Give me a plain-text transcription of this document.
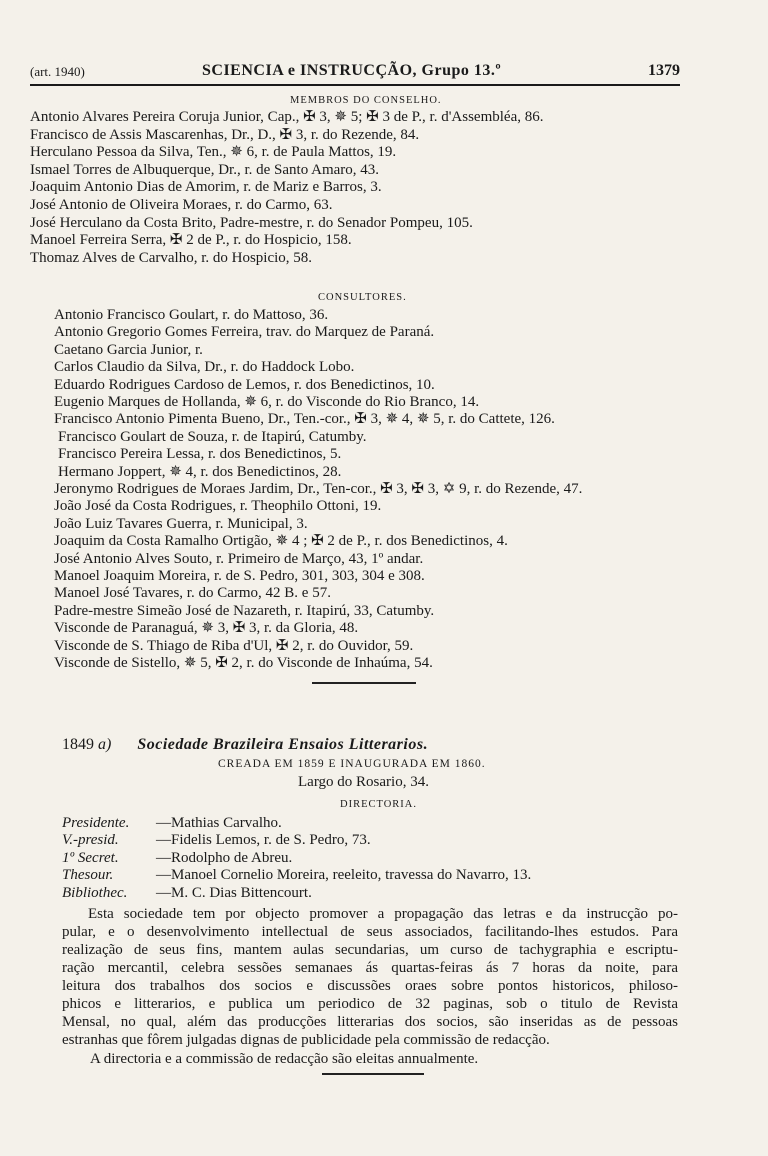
(art. 1940)	SCIENCIA e INSTRUCÇÃO, Grupo 13.º	1379
MEMBROS DO CONSELHO.
Antonio Alvares Pereira Coruja Junior, Cap., ✠ 3, ✵ 5; ✠ 3 de P., r. d'Assembléa, 86.
Francisco de Assis Mascarenhas, Dr., D., ✠ 3, r. do Rezende, 84.
Herculano Pessoa da Silva, Ten., ✵ 6, r. de Paula Mattos, 19.
Ismael Torres de Albuquerque, Dr., r. de Santo Amaro, 43.
Joaquim Antonio Dias de Amorim, r. de Mariz e Barros, 3.
José Antonio de Oliveira Moraes, r. do Carmo, 63.
José Herculano da Costa Brito, Padre-mestre, r. do Senador Pompeu, 105.
Manoel Ferreira Serra, ✠ 2 de P., r. do Hospicio, 158.
Thomaz Alves de Carvalho, r. do Hospicio, 58.
CONSULTORES.
Antonio Francisco Goulart, r. do Mattoso, 36.
Antonio Gregorio Gomes Ferreira, trav. do Marquez de Paraná.
Caetano Garcia Junior, r.
Carlos Claudio da Silva, Dr., r. do Haddock Lobo.
Eduardo Rodrigues Cardoso de Lemos, r. dos Benedictinos, 10.
Eugenio Marques de Hollanda, ✵ 6, r. do Visconde do Rio Branco, 14.
Francisco Antonio Pimenta Bueno, Dr., Ten.-cor., ✠ 3, ✵ 4, ✵ 5, r. do Cattete, 126.
Francisco Goulart de Souza, r. de Itapirú, Catumby.
Francisco Pereira Lessa, r. dos Benedictinos, 5.
Hermano Joppert, ✵ 4, r. dos Benedictinos, 28.
Jeronymo Rodrigues de Moraes Jardim, Dr., Ten-cor., ✠ 3, ✠ 3, ✡ 9, r. do Rezende, 47.
João José da Costa Rodrigues, r. Theophilo Ottoni, 19.
João Luiz Tavares Guerra, r. Municipal, 3.
Joaquim da Costa Ramalho Ortigão, ✵ 4 ; ✠ 2 de P., r. dos Benedictinos, 4.
José Antonio Alves Souto, r. Primeiro de Março, 43, 1º andar.
Manoel Joaquim Moreira, r. de S. Pedro, 301, 303, 304 e 308.
Manoel José Tavares, r. do Carmo, 42 B. e 57.
Padre-mestre Simeão José de Nazareth, r. Itapirú, 33, Catumby.
Visconde de Paranaguá, ✵ 3, ✠ 3, r. da Gloria, 48.
Visconde de S. Thiago de Riba d'Ul, ✠ 2, r. do Ouvidor, 59.
Visconde de Sistello, ✵ 5, ✠ 2, r. do Visconde de Inhaúma, 54.
1849 a) Sociedade Brazileira Ensaios Litterarios.
CREADA EM 1859 E INAUGURADA EM 1860.
Largo do Rosario, 34.
DIRECTORIA.
Presidente. —Mathias Carvalho.
V.-presid. —Fidelis Lemos, r. de S. Pedro, 73.
1º Secret. —Rodolpho de Abreu.
Thesour.	—Manoel Cornelio Moreira, reeleito, travessa do Navarro, 13.
Bibliothec. —M. C. Dias Bittencourt.
Esta sociedade tem por objecto promover a propagação das letras e da instrucção po-
pular, e o desenvolvimento intellectual de seus associados, facilitando-lhes estudos. Para
realização de seus fins, mantem aulas secundarias, um curso de tachygraphia e escriptu-
ração mercantil, celebra sessões semanaes ás quartas-feiras ás 7 horas da noite, para
leitura dos trabalhos dos socios e discussões oraes sobre pontos historicos, philoso-
phicos e litterarios, e publica um periodico de 32 paginas, sob o titulo de Revista
Mensal, no qual, além das producções litterarias dos socios, são inseridas as de pessoas
estranhas que fôrem julgadas dignas de publicidade pela commissão de redacção.
A directoria e a commissão de redacção são eleitas annualmente.
